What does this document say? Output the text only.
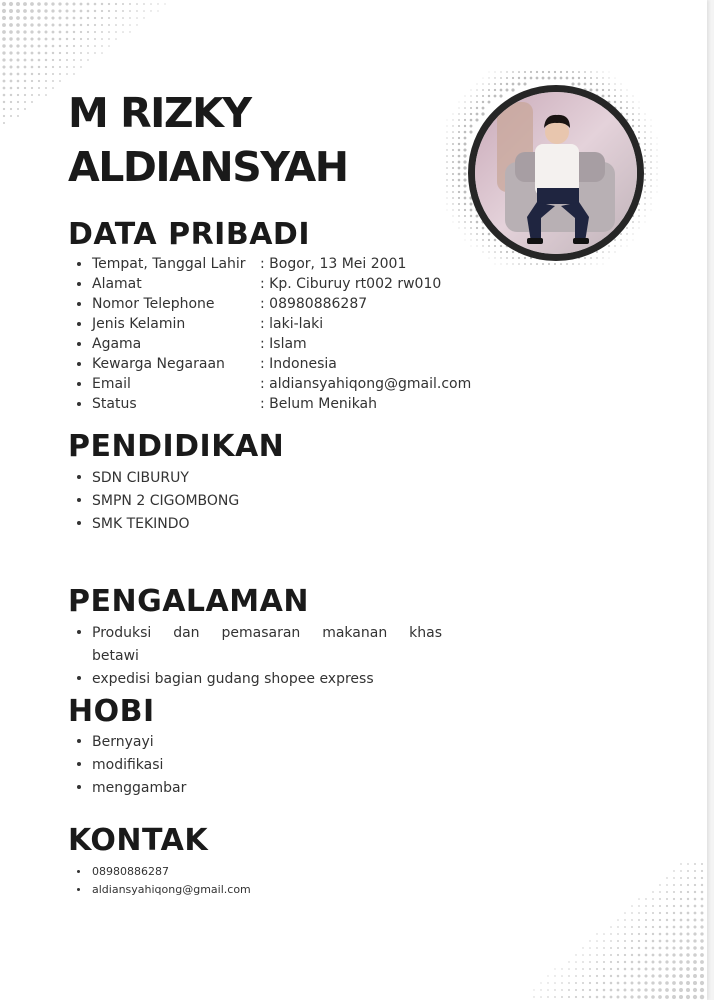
M RIZKY
ALDIANSYAH
DATA PRIBADI
Tempat, Tanggal Lahir : Bogor, 13 Mei 2001
Alamat	: Kp. Ciburuy rt002 rw010
Nomor Telephone	: 08980886287
Jenis Kelamin	: laki-laki
Agama	: Islam
Kewarga Negaraan	: Indonesia
Email	: aldiansyahiqong@gmail.com
Status	: Belum Menikah
PENDIDIKAN
SDN CIBURUY
SMPN 2 CIGOMBONG
SMK TEKINDO
PENGALAMAN
Produksi dan pemasaran makanan khas
betawi
expedisi bagian gudang shopee express
HOBI
Bernyayi
modifikasi
menggambar
KONTAK
08980886287
aldiansyahiqong@gmail.com
